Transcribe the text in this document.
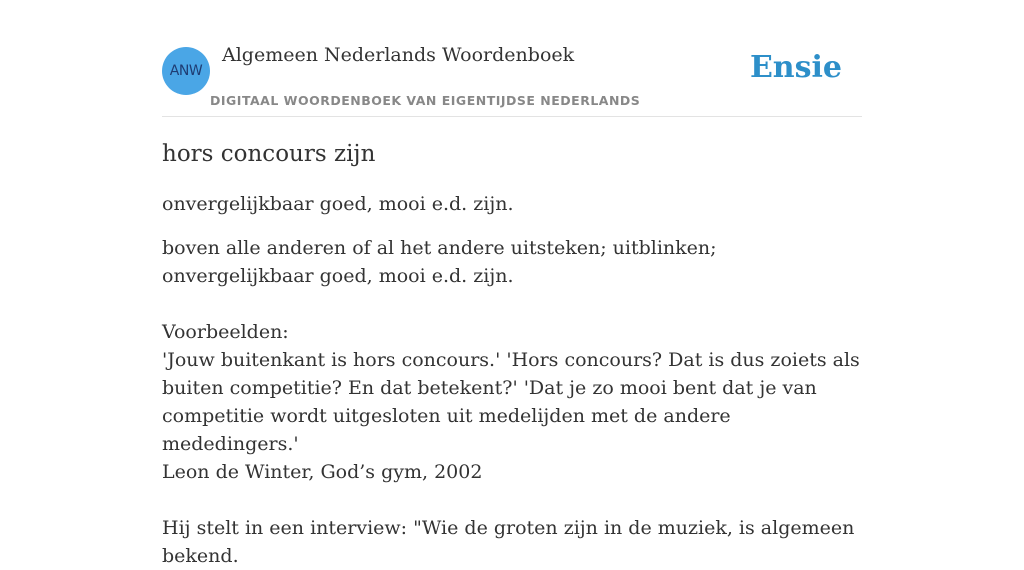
ANW
Algemeen Nederlands Woordenboek
DIGITAAL WOORDENBOEK VAN EIGENTIJDSE NEDERLANDS
Ensie
hors concours zijn

onvergelijkbaar goed, mooi e.d. zijn.

boven alle anderen of al het andere uitsteken; uitblinken; onvergelijkbaar goed, mooi e.d. zijn.
Voorbeelden:
'Jouw buitenkant is hors concours.' 'Hors concours? Dat is dus zoiets als buiten competitie? En dat betekent?' 'Dat je zo mooi bent dat je van competitie wordt uitgesloten uit medelijden met de andere mededingers.'
Leon de Winter, God’s gym, 2002
Hij stelt in een interview: "Wie de groten zijn in de muziek, is algemeen bekend.
